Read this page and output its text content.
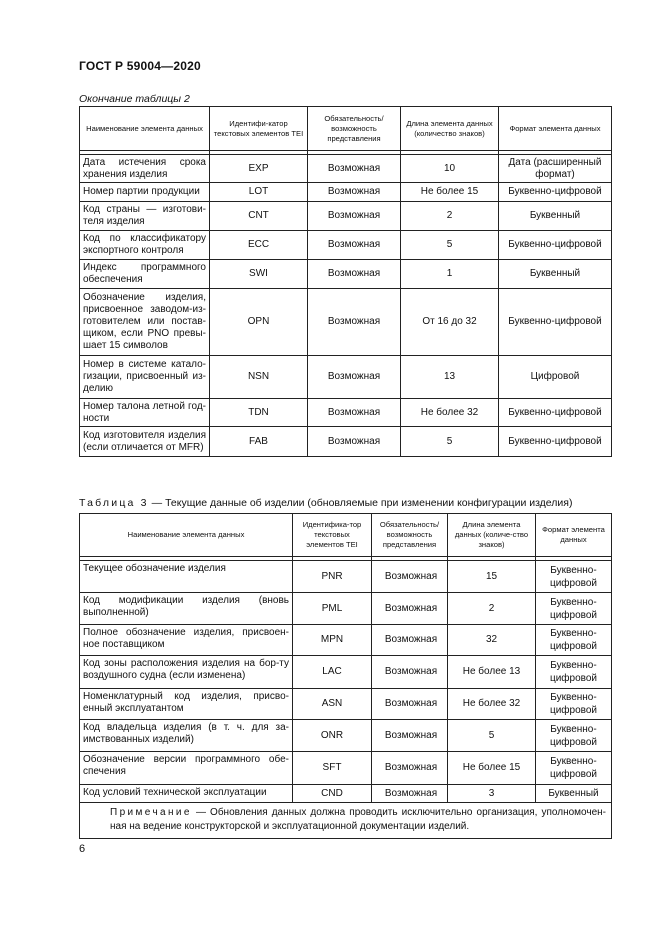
ГОСТ Р 59004—2020
Окончание таблицы 2
Наименование элемента данных	Идентифи-катор текстовых элементов TEI	Обязательность/ возможность представления	Длина элемента данных (количество знаков)	Формат элемента данных

Дата истечения срока
хранения изделия	EXP	Возможная	10	Дата (расширенный формат)

Номер партии продукции	LOT	Возможная	Не более 15	Буквенно-цифровой

Код страны — изготови-
теля изделия	CNT	Возможная	2	Буквенный

Код по классификатору
экспортного контроля	ECC	Возможная	5	Буквенно-цифровой

Индекс программного
обеспечения	SWI	Возможная	1	Буквенный

Обозначение изделия,
присвоенное заводом-из-
готовителем или постав-
щиком, если PNO превы-
шает 15 символов	OPN	Возможная	От 16 до 32	Буквенно-цифровой

Номер в системе катало-
гизации, присвоенный из-
делию	NSN	Возможная	13	Цифровой

Номер талона летной год-
ности	TDN	Возможная	Не более 32	Буквенно-цифровой

Код изготовителя изделия
(если отличается от MFR)	FAB	Возможная	5	Буквенно-цифровой
Таблица 3 — Текущие данные об изделии (обновляемые при изменении конфигурации изделия)
Наименование элемента данных	Идентифика-тор текстовых элементов TEI	Обязательность/ возможность представления	Длина элемента данных (количе-ство знаков)	Формат элемента данных

Текущее обозначение изделия	PNR	Возможная	15	Буквенно-цифровой
Код модификации изделия (вновь выполненной)	PML	Возможная	2	Буквенно-цифровой
Полное обозначение изделия, присвоен-ное поставщиком	MPN	Возможная	32	Буквенно-цифровой
Код зоны расположения изделия на бор-ту воздушного судна (если изменена)	LAC	Возможная	Не более 13	Буквенно-цифровой
Номенклатурный код изделия, присво-енный эксплуатантом	ASN	Возможная	Не более 32	Буквенно-цифровой
Код владельца изделия (в т. ч. для за-имствованных изделий)	ONR	Возможная	5	Буквенно-цифровой
Обозначение версии программного обе-спечения	SFT	Возможная	Не более 15	Буквенно-цифровой
Код условий технической эксплуатации	CND	Возможная	3	Буквенный
Примечание — Обновления данных должна проводить исключительно организация, уполномочен-ная на ведение конструкторской и эксплуатационной документации изделий.				
6
